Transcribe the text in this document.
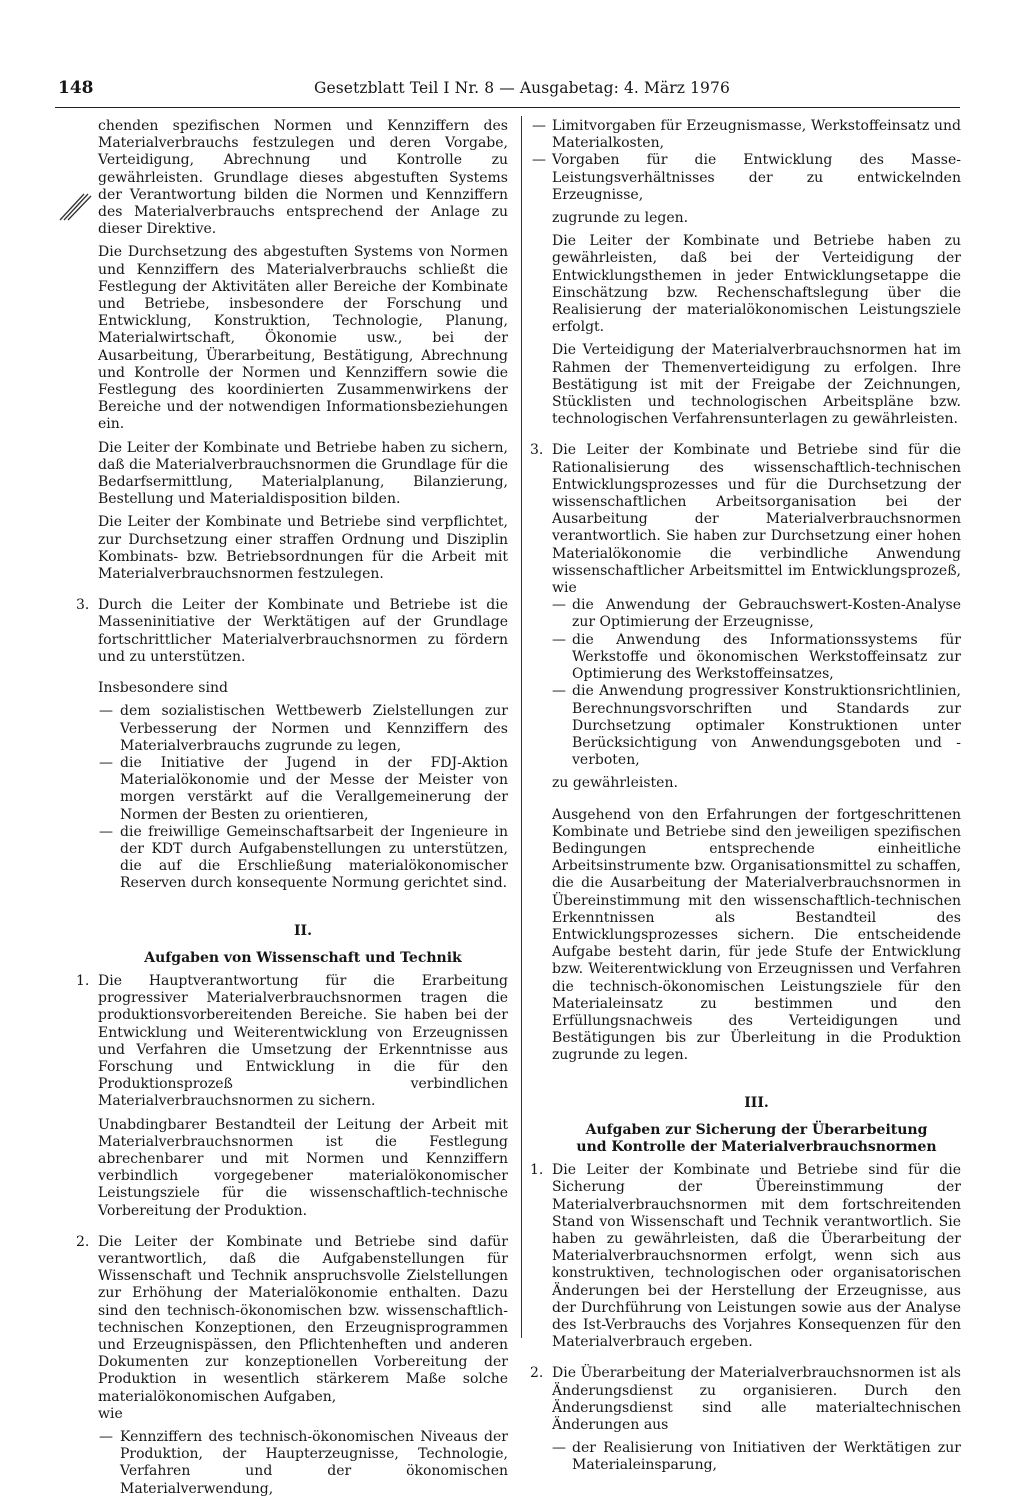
148	Gesetzblatt Teil I Nr. 8 — Ausgabetag: 4. März 1976

chenden spezifischen Normen und Kennziffern des Materialverbrauchs festzulegen und deren Vorgabe, Verteidigung, Abrechnung und Kontrolle zu gewährleisten. Grundlage dieses abgestuften Systems der Verantwortung bilden die Normen und Kennziffern des Materialverbrauchs entsprechend der Anlage zu dieser Direktive.

Die Durchsetzung des abgestuften Systems von Normen und Kennziffern des Materialverbrauchs schließt die Festlegung der Aktivitäten aller Bereiche der Kombinate und Betriebe, insbesondere der Forschung und Entwicklung, Konstruktion, Technologie, Planung, Materialwirtschaft, Ökonomie usw., bei der Ausarbeitung, Überarbeitung, Bestätigung, Abrechnung und Kontrolle der Normen und Kennziffern sowie die Festlegung des koordinierten Zusammenwirkens der Bereiche und der notwendigen Informationsbeziehungen ein.

Die Leiter der Kombinate und Betriebe haben zu sichern, daß die Materialverbrauchsnormen die Grundlage für die Bedarfsermittlung, Materialplanung, Bilanzierung, Bestellung und Materialdisposition bilden.

Die Leiter der Kombinate und Betriebe sind verpflichtet, zur Durchsetzung einer straffen Ordnung und Disziplin Kombinats- bzw. Betriebsordnungen für die Arbeit mit Materialverbrauchsnormen festzulegen.

3. Durch die Leiter der Kombinate und Betriebe ist die Masseninitiative der Werktätigen auf der Grundlage fortschrittlicher Materialverbrauchsnormen zu fördern und zu unterstützen.

Insbesondere sind

— dem sozialistischen Wettbewerb Zielstellungen zur Verbesserung der Normen und Kennziffern des Materialverbrauchs zugrunde zu legen,

— die Initiative der Jugend in der FDJ-Aktion Materialökonomie und der Messe der Meister von morgen verstärkt auf die Verallgemeinerung der Normen der Besten zu orientieren,

— die freiwillige Gemeinschaftsarbeit der Ingenieure in der KDT durch Aufgabenstellungen zu unterstützen, die auf die Erschließung materialökonomischer Reserven durch konsequente Normung gerichtet sind.

II.
Aufgaben von Wissenschaft und Technik
1. Die Hauptverantwortung für die Erarbeitung progressiver Materialverbrauchsnormen tragen die produktionsvorbereitenden Bereiche. Sie haben bei der Entwicklung und Weiterentwicklung von Erzeugnissen und Verfahren die Umsetzung der Erkenntnisse aus Forschung und Entwicklung in die für den Produktionsprozeß verbindlichen Materialverbrauchsnormen zu sichern.

Unabdingbarer Bestandteil der Leitung der Arbeit mit Materialverbrauchsnormen ist die Festlegung abrechenbarer und mit Normen und Kennziffern verbindlich vorgegebener materialökonomischer Leistungsziele für die wissenschaftlich-technische Vorbereitung der Produktion.

2. Die Leiter der Kombinate und Betriebe sind dafür verantwortlich, daß die Aufgabenstellungen für Wissenschaft und Technik anspruchsvolle Zielstellungen zur Erhöhung der Materialökonomie enthalten. Dazu sind den technisch-ökonomischen bzw. wissenschaftlich-technischen Konzeptionen, den Erzeugnisprogrammen und Erzeugnispässen, den Pflichtenheften und anderen Dokumenten zur konzeptionellen Vorbereitung der Produktion in wesentlich stärkerem Maße solche materialökonomischen Aufgaben,

wie

— Kennziffern des technisch-ökonomischen Niveaus der Produktion, der Haupterzeugnisse, Technologie, Verfahren und der ökonomischen Materialverwendung,

— Limitvorgaben für Erzeugnismasse, Werkstoffeinsatz und Materialkosten,

— Vorgaben für die Entwicklung des Masse-Leistungsverhältnisses der zu entwickelnden Erzeugnisse,

zugrunde zu legen.

Die Leiter der Kombinate und Betriebe haben zu gewährleisten, daß bei der Verteidigung der Entwicklungsthemen in jeder Entwicklungsetappe die Einschätzung bzw. Rechenschaftslegung über die Realisierung der materialökonomischen Leistungsziele erfolgt.

Die Verteidigung der Materialverbrauchsnormen hat im Rahmen der Themenverteidigung zu erfolgen. Ihre Bestätigung ist mit der Freigabe der Zeichnungen, Stücklisten und technologischen Arbeitspläne bzw. technologischen Verfahrensunterlagen zu gewährleisten.

3. Die Leiter der Kombinate und Betriebe sind für die Rationalisierung des wissenschaftlich-technischen Entwicklungsprozesses und für die Durchsetzung der wissenschaftlichen Arbeitsorganisation bei der Ausarbeitung der Materialverbrauchsnormen verantwortlich. Sie haben zur Durchsetzung einer hohen Materialökonomie die verbindliche Anwendung wissenschaftlicher Arbeitsmittel im Entwicklungsprozeß, wie

— die Anwendung der Gebrauchswert-Kosten-Analyse zur Optimierung der Erzeugnisse,

— die Anwendung des Informationssystems für Werkstoffe und ökonomischen Werkstoffeinsatz zur Optimierung des Werkstoffeinsatzes,

— die Anwendung progressiver Konstruktionsrichtlinien, Berechnungsvorschriften und Standards zur Durchsetzung optimaler Konstruktionen unter Berücksichtigung von Anwendungsgeboten und -verboten,

zu gewährleisten.

Ausgehend von den Erfahrungen der fortgeschrittenen Kombinate und Betriebe sind den jeweiligen spezifischen Bedingungen entsprechende einheitliche Arbeitsinstrumente bzw. Organisationsmittel zu schaffen, die die Ausarbeitung der Materialverbrauchsnormen in Übereinstimmung mit den wissenschaftlich-technischen Erkenntnissen als Bestandteil des Entwicklungsprozesses sichern. Die entscheidende Aufgabe besteht darin, für jede Stufe der Entwicklung bzw. Weiterentwicklung von Erzeugnissen und Verfahren die technisch-ökonomischen Leistungsziele für den Materialeinsatz zu bestimmen und den Erfüllungsnachweis des Verteidigungen und Bestätigungen bis zur Überleitung in die Produktion zugrunde zu legen.

III.
Aufgaben zur Sicherung der Überarbeitung
und Kontrolle der Materialverbrauchsnormen
1. Die Leiter der Kombinate und Betriebe sind für die Sicherung der Übereinstimmung der Materialverbrauchsnormen mit dem fortschreitenden Stand von Wissenschaft und Technik verantwortlich. Sie haben zu gewährleisten, daß die Überarbeitung der Materialverbrauchsnormen erfolgt, wenn sich aus konstruktiven, technologischen oder organisatorischen Änderungen bei der Herstellung der Erzeugnisse, aus der Durchführung von Leistungen sowie aus der Analyse des Ist-Verbrauchs des Vorjahres Konsequenzen für den Materialverbrauch ergeben.

2. Die Überarbeitung der Materialverbrauchsnormen ist als Änderungsdienst zu organisieren. Durch den Änderungsdienst sind alle materialtechnischen Änderungen aus

— der Realisierung von Initiativen der Werktätigen zur Materialeinsparung,
